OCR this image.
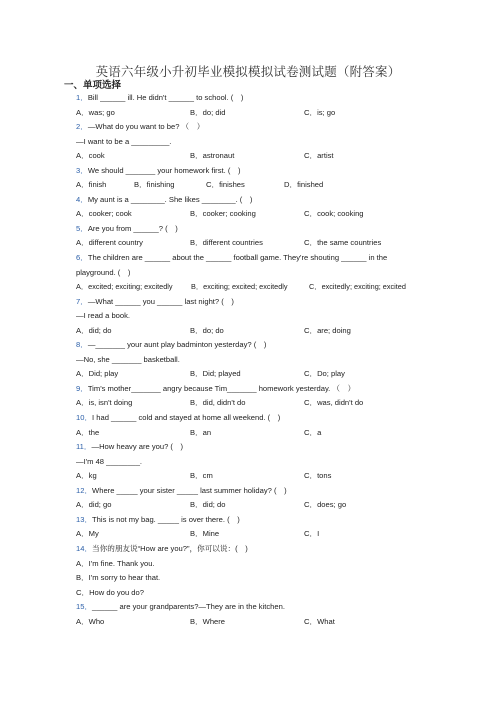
英语六年级小升初毕业模拟模拟试卷测试题（附答案）
一、单项选择
1．Bill ______ ill. He didn't ______ to school. (　)
A．was; go	B．do; did	C．is; go
2．—What do you want to be? （　）
—I want to be a _________.
A．cook	B．astronaut	C．artist
3．We should _______ your homework first. (　)
A．finish	B．finishing	C．finishes	D．finished
4．My aunt is a ________. She likes ________. (　)
A．cooker; cook	B．cooker; cooking	C．cook; cooking
5．Are you from ______? (　)
A．different country	B．different countries	C．the same countries
6．The children are ______ about the ______ football game. They're shouting ______ in the playground. (　)
A．excited; exciting; excitedly	B．exciting; excited; excitedly	C．excitedly; exciting; excited
7．—What ______ you ______ last night? (　)
—I read a book.
A．did; do	B．do; do	C．are; doing
8．—_______ your aunt play badminton yesterday? (　)
—No, she _______ basketball.
A．Did; play	B．Did; played	C．Do; play
9．Tim's mother_______ angry because Tim_______ homework yesterday. （　）
A．is, isn't doing	B．did, didn't do	C．was, didn't do
10．I had ______ cold and stayed at home all weekend. (　)
A．the	B．an	C．a
11．—How heavy are you? (　)
—I'm 48 ________.
A．kg	B．cm	C．tons
12．Where _____ your sister _____ last summer holiday? (　)
A．did; go	B．did; do	C．does; go
13．This is not my bag. _____ is over there. (　)
A．My	B．Mine	C．I
14．当你的朋友说“How are you?”，你可以说：(　)
A．I'm fine. Thank you.
B．I'm sorry to hear that.
C．How do you do?
15．______ are your grandparents?—They are in the kitchen.
A．Who	B．Where	C．What
